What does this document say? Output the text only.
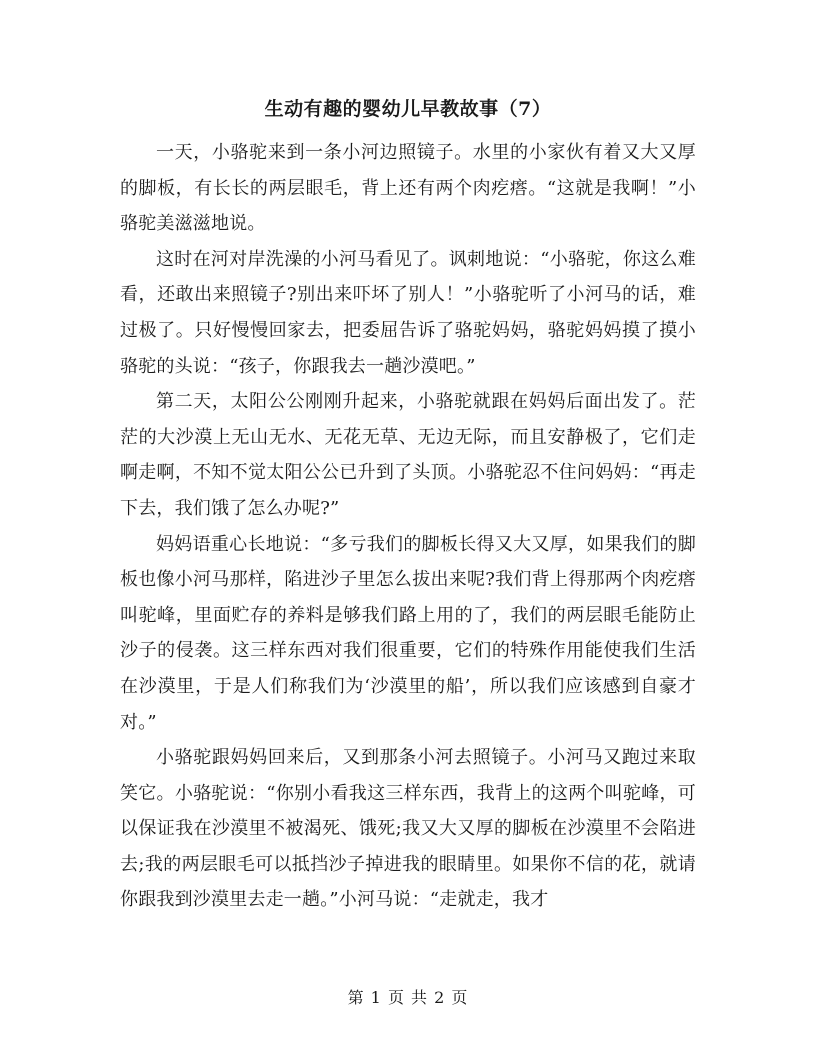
生动有趣的婴幼儿早教故事（7）

一天，小骆驼来到一条小河边照镜子。水里的小家伙有着又大又厚的脚板，有长长的两层眼毛，背上还有两个肉疙瘩。“这就是我啊！”小骆驼美滋滋地说。

这时在河对岸洗澡的小河马看见了。讽刺地说：“小骆驼，你这么难看，还敢出来照镜子?别出来吓坏了别人！”小骆驼听了小河马的话，难过极了。只好慢慢回家去，把委屈告诉了骆驼妈妈，骆驼妈妈摸了摸小骆驼的头说：“孩子，你跟我去一趟沙漠吧。”

第二天，太阳公公刚刚升起来，小骆驼就跟在妈妈后面出发了。茫茫的大沙漠上无山无水、无花无草、无边无际，而且安静极了，它们走啊走啊，不知不觉太阳公公已升到了头顶。小骆驼忍不住问妈妈：“再走下去，我们饿了怎么办呢?”

妈妈语重心长地说：“多亏我们的脚板长得又大又厚，如果我们的脚板也像小河马那样，陷进沙子里怎么拔出来呢?我们背上得那两个肉疙瘩叫驼峰，里面贮存的养料是够我们路上用的了，我们的两层眼毛能防止沙子的侵袭。这三样东西对我们很重要，它们的特殊作用能使我们生活在沙漠里，于是人们称我们为‘沙漠里的船’，所以我们应该感到自豪才对。”

小骆驼跟妈妈回来后，又到那条小河去照镜子。小河马又跑过来取笑它。小骆驼说：“你别小看我这三样东西，我背上的这两个叫驼峰，可以保证我在沙漠里不被渴死、饿死;我又大又厚的脚板在沙漠里不会陷进去;我的两层眼毛可以抵挡沙子掉进我的眼睛里。如果你不信的花，就请你跟我到沙漠里去走一趟。”小河马说：“走就走，我才

第 1 页 共 2 页
